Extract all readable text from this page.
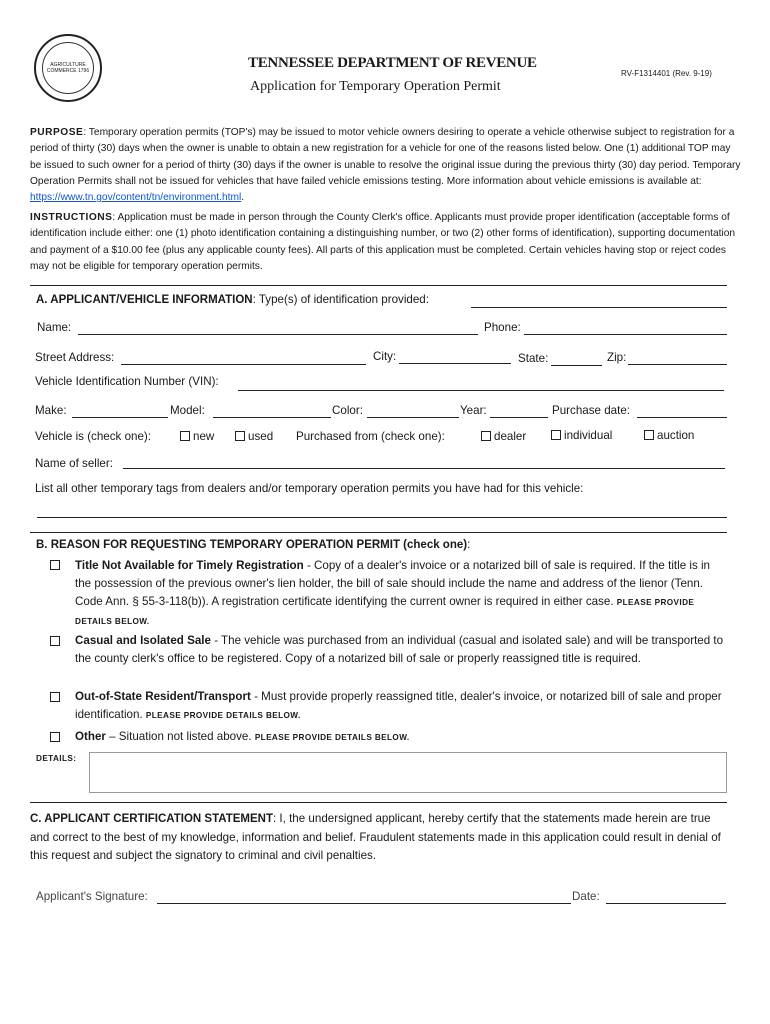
AGRICULTURE COMMERCE 1796	TENNESSEE DEPARTMENT OF REVENUE
Application for Temporary Operation Permit
RV-F1314401 (Rev. 9-19)
PURPOSE: Temporary operation permits (TOP's) may be issued to motor vehicle owners desiring to operate a vehicle otherwise subject to registration for a period of thirty (30) days when the owner is unable to obtain a new registration for a vehicle for one of the reasons listed below. One (1) additional TOP may be issued to such owner for a period of thirty (30) days if the owner is unable to resolve the original issue during the previous thirty (30) day period. Temporary Operation Permits shall not be issued for vehicles that have failed vehicle emissions testing. More information about vehicle emissions is available at: https://www.tn.gov/content/tn/environment.html.
INSTRUCTIONS: Application must be made in person through the County Clerk's office. Applicants must provide proper identification (acceptable forms of identification include either: one (1) photo identification containing a distinguishing number, or two (2) other forms of identification), supporting documentation and payment of a $10.00 fee (plus any applicable county fees). All parts of this application must be completed. Certain vehicles having stop or reject codes may not be eligible for temporary operation permits.
A. APPLICANT/VEHICLE INFORMATION: Type(s) of identification provided:
Name:	Phone:
Street Address:	City:	State:	Zip:
Vehicle Identification Number (VIN):
Make:	Model:	Color:	Year:	Purchase date:
Vehicle is (check one):	new	used Purchased from (check one):	dealer	individual	auction
Name of seller:
List all other temporary tags from dealers and/or temporary operation permits you have had for this vehicle:
B. REASON FOR REQUESTING TEMPORARY OPERATION PERMIT (check one):
Title Not Available for Timely Registration - Copy of a dealer's invoice or a notarized bill of sale is required. If the title is in the possession of the previous owner's lien holder, the bill of sale should include the name and address of the lienor (Tenn. Code Ann. § 55-3-118(b)). A registration certificate identifying the current owner is required in either case. PLEASE PROVIDE DETAILS BELOW.
Casual and Isolated Sale - The vehicle was purchased from an individual (casual and isolated sale) and will be transported to the county clerk's office to be registered. Copy of a notarized bill of sale or properly reassigned title is required.
Out-of-State Resident/Transport - Must provide properly reassigned title, dealer's invoice, or notarized bill of sale and proper identification. PLEASE PROVIDE DETAILS BELOW.
Other – Situation not listed above. PLEASE PROVIDE DETAILS BELOW.
DETAILS:
C. APPLICANT CERTIFICATION STATEMENT: I, the undersigned applicant, hereby certify that the statements made herein are true and correct to the best of my knowledge, information and belief. Fraudulent statements made in this application could result in denial of this request and subject the signatory to criminal and civil penalties.
Applicant's Signature:	Date:
